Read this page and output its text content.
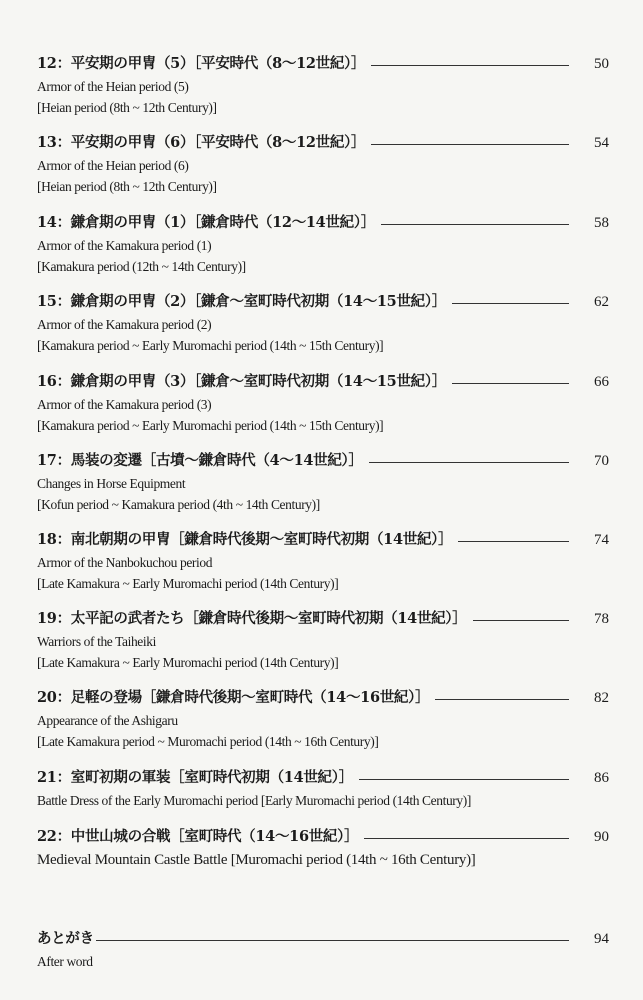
12：平安期の甲冑（5）［平安時代（8〜12世紀）］	50
Armor of the Heian period (5)
[Heian period (8th ~ 12th Century)]
13：平安期の甲冑（6）［平安時代（8〜12世紀）］	54
Armor of the Heian period (6)
[Heian period (8th ~ 12th Century)]
14：鎌倉期の甲冑（1）［鎌倉時代（12〜14世紀）］	58
Armor of the Kamakura period (1)
[Kamakura period (12th ~ 14th Century)]
15：鎌倉期の甲冑（2）［鎌倉〜室町時代初期（14〜15世紀）］	62
Armor of the Kamakura period (2)
[Kamakura period ~ Early Muromachi period (14th ~ 15th Century)]
16：鎌倉期の甲冑（3）［鎌倉〜室町時代初期（14〜15世紀）］	66
Armor of the Kamakura period (3)
[Kamakura period ~ Early Muromachi period (14th ~ 15th Century)]
17：馬装の変遷［古墳〜鎌倉時代（4〜14世紀）］	70
Changes in Horse Equipment
[Kofun period ~ Kamakura period (4th ~ 14th Century)]
18：南北朝期の甲冑［鎌倉時代後期〜室町時代初期（14世紀）］	74
Armor of the Nanbokuchou period
[Late Kamakura ~ Early Muromachi period (14th Century)]
19：太平記の武者たち［鎌倉時代後期〜室町時代初期（14世紀）］	78
Warriors of the Taiheiki
[Late Kamakura ~ Early Muromachi period (14th Century)]
20：足軽の登場［鎌倉時代後期〜室町時代（14〜16世紀）］	82
Appearance of the Ashigaru
[Late Kamakura period ~ Muromachi period (14th ~ 16th Century)]
21：室町初期の軍装［室町時代初期（14世紀）］	86
Battle Dress of the Early Muromachi period [Early Muromachi period (14th Century)]
22：中世山城の合戦［室町時代（14〜16世紀）］	90
Medieval Mountain Castle Battle [Muromachi period (14th ~ 16th Century)]
あとがき	94
After word
